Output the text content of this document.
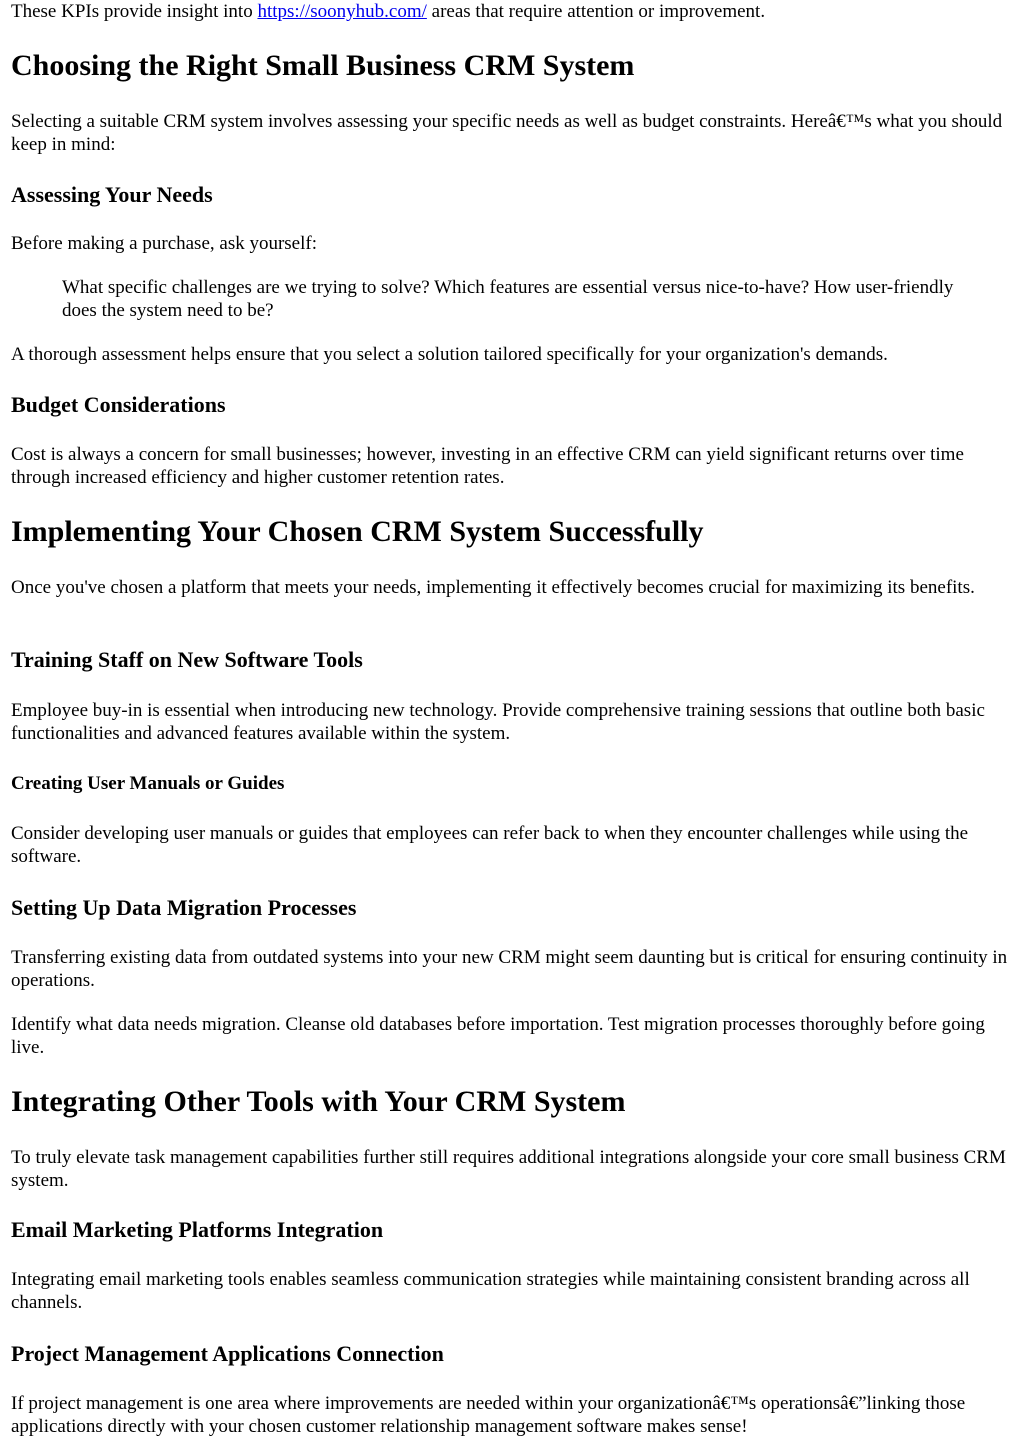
These KPIs provide insight into https://soonyhub.com/ areas that require attention or improvement.

Choosing the Right Small Business CRM System

Selecting a suitable CRM system involves assessing your specific needs as well as budget constraints. Hereâ€™s what you should keep in mind:

Assessing Your Needs

Before making a purchase, ask yourself:

What specific challenges are we trying to solve? Which features are essential versus nice-to-have? How user-friendly does the system need to be?

A thorough assessment helps ensure that you select a solution tailored specifically for your organization's demands.

Budget Considerations

Cost is always a concern for small businesses; however, investing in an effective CRM can yield significant returns over time through increased efficiency and higher customer retention rates.

Implementing Your Chosen CRM System Successfully

Once you've chosen a platform that meets your needs, implementing it effectively becomes crucial for maximizing its benefits.

Training Staff on New Software Tools

Employee buy-in is essential when introducing new technology. Provide comprehensive training sessions that outline both basic functionalities and advanced features available within the system.

Creating User Manuals or Guides

Consider developing user manuals or guides that employees can refer back to when they encounter challenges while using the software.

Setting Up Data Migration Processes

Transferring existing data from outdated systems into your new CRM might seem daunting but is critical for ensuring continuity in operations.

Identify what data needs migration. Cleanse old databases before importation. Test migration processes thoroughly before going live.

Integrating Other Tools with Your CRM System

To truly elevate task management capabilities further still requires additional integrations alongside your core small business CRM system.

Email Marketing Platforms Integration

Integrating email marketing tools enables seamless communication strategies while maintaining consistent branding across all channels.

Project Management Applications Connection

If project management is one area where improvements are needed within your organizationâ€™s operationsâ€”linking those applications directly with your chosen customer relationship management software makes sense!
